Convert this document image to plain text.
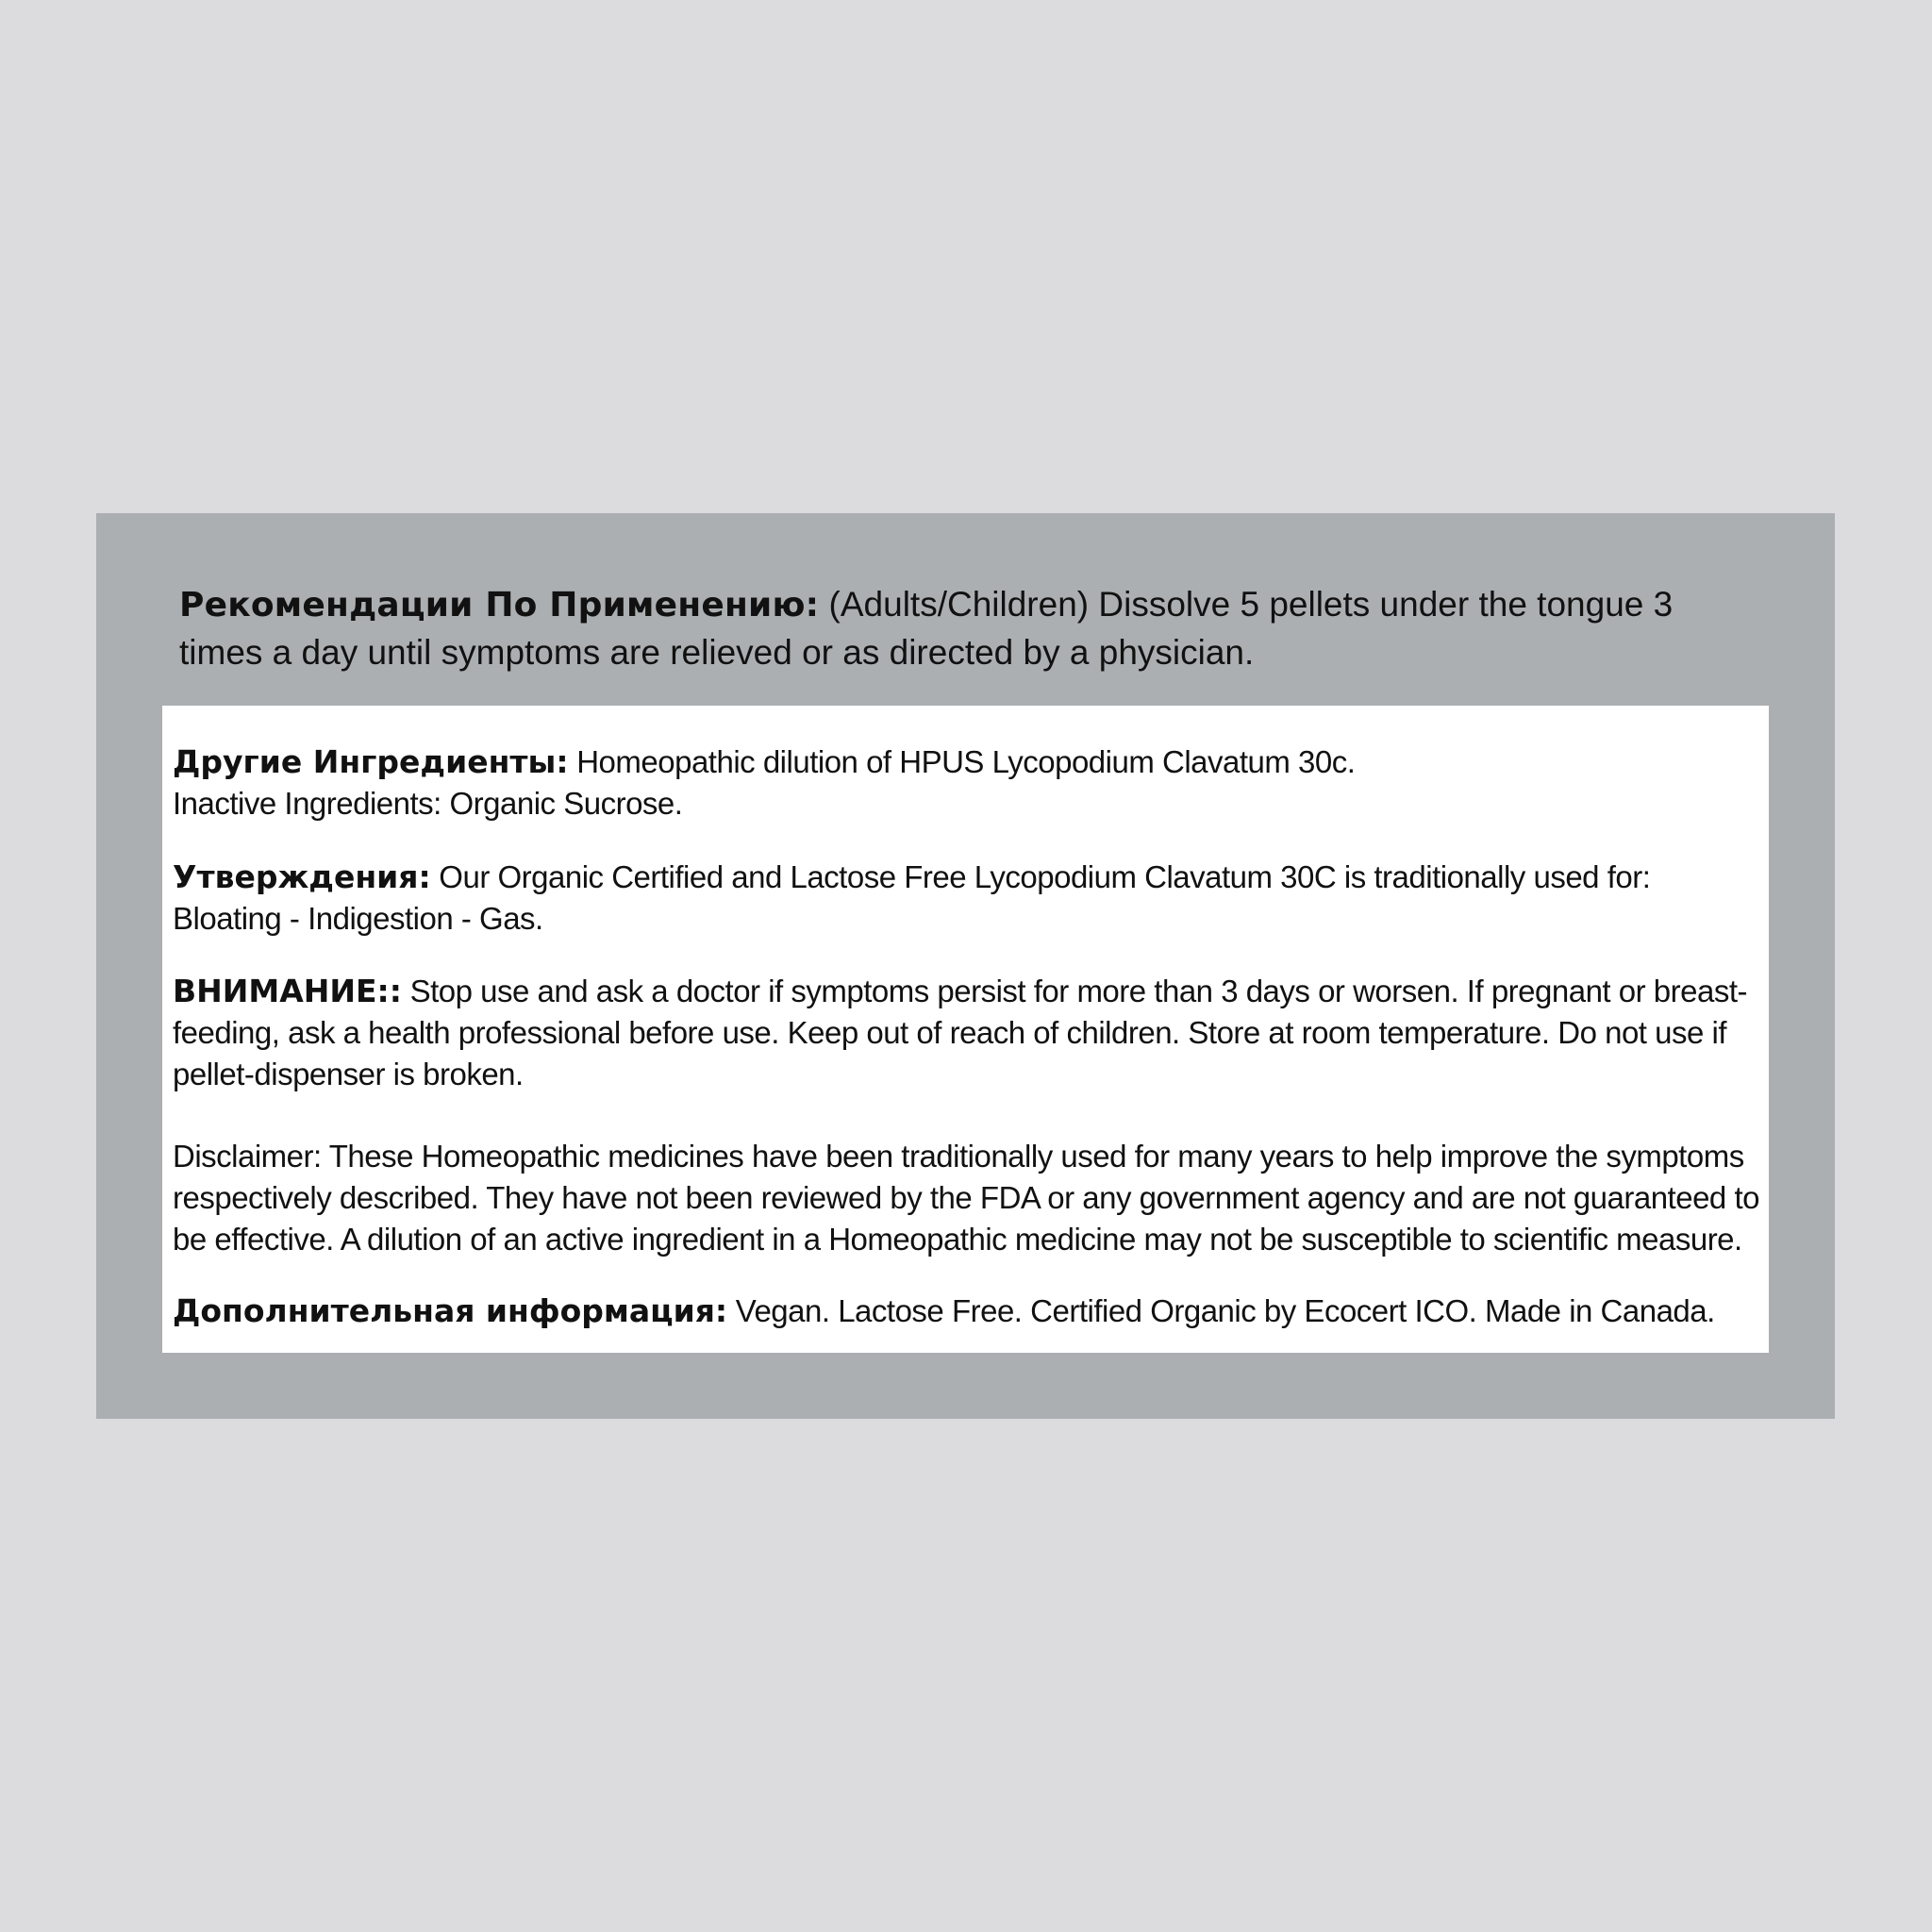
Рекомендации По Применению: (Adults/Children) Dissolve 5 pellets under the tongue 3 times a day until symptoms are relieved or as directed by a physician.
Другие Ингредиенты: Homeopathic dilution of HPUS Lycopodium Clavatum 30c.
Inactive Ingredients: Organic Sucrose.
Утверждения: Our Organic Certified and Lactose Free Lycopodium Clavatum 30C is traditionally used for: Bloating - Indigestion - Gas.
ВНИМАНИЕ:: Stop use and ask a doctor if symptoms persist for more than 3 days or worsen. If pregnant or breast-feeding, ask a health professional before use. Keep out of reach of children. Store at room temperature. Do not use if pellet-dispenser is broken.
Disclaimer: These Homeopathic medicines have been traditionally used for many years to help improve the symptoms respectively described. They have not been reviewed by the FDA or any government agency and are not guaranteed to be effective. A dilution of an active ingredient in a Homeopathic medicine may not be susceptible to scientific measure.
Дополнительная информация: Vegan. Lactose Free. Certified Organic by Ecocert ICO. Made in Canada.
